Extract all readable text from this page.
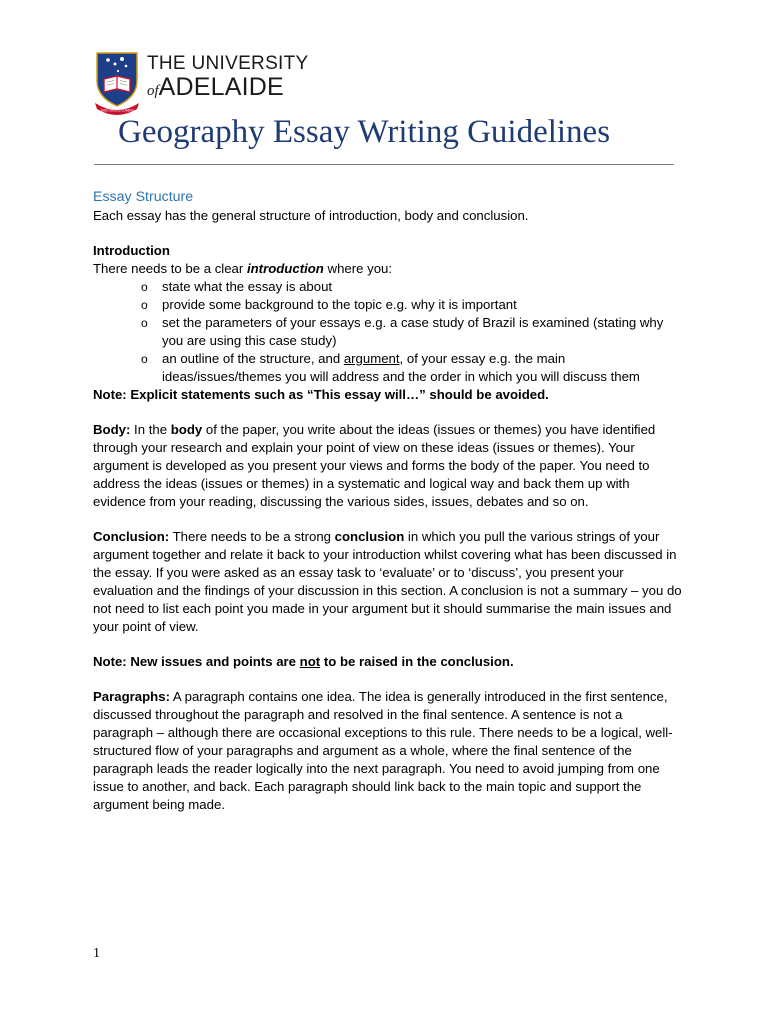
SUB CRUCE LUMEN
THE UNIVERSITY
ofADELAIDE
Geography Essay Writing Guidelines

Essay Structure

Each essay has the general structure of introduction, body and conclusion.

Introduction

There needs to be a clear introduction where you:

o state what the essay is about
o provide some background to the topic e.g. why it is important
o set the parameters of your essays e.g. a case study of Brazil is examined (stating why you are using this case study)
o an outline of the structure, and argument, of your essay e.g. the main ideas/issues/themes you will address and the order in which you will discuss them

Note: Explicit statements such as “This essay will…” should be avoided.

Body: In the body of the paper, you write about the ideas (issues or themes) you have identified through your research and explain your point of view on these ideas (issues or themes). Your argument is developed as you present your views and forms the body of the paper. You need to address the ideas (issues or themes) in a systematic and logical way and back them up with evidence from your reading, discussing the various sides, issues, debates and so on.

Conclusion: There needs to be a strong conclusion in which you pull the various strings of your argument together and relate it back to your introduction whilst covering what has been discussed in the essay. If you were asked as an essay task to ‘evaluate’ or to ‘discuss’, you present your evaluation and the findings of your discussion in this section. A conclusion is not a summary – you do not need to list each point you made in your argument but it should summarise the main issues and your point of view.

Note: New issues and points are not to be raised in the conclusion.

Paragraphs: A paragraph contains one idea. The idea is generally introduced in the first sentence, discussed throughout the paragraph and resolved in the final sentence. A sentence is not a paragraph – although there are occasional exceptions to this rule. There needs to be a logical, well-structured flow of your paragraphs and argument as a whole, where the final sentence of the paragraph leads the reader logically into the next paragraph. You need to avoid jumping from one issue to another, and back. Each paragraph should link back to the main topic and support the argument being made.

1
